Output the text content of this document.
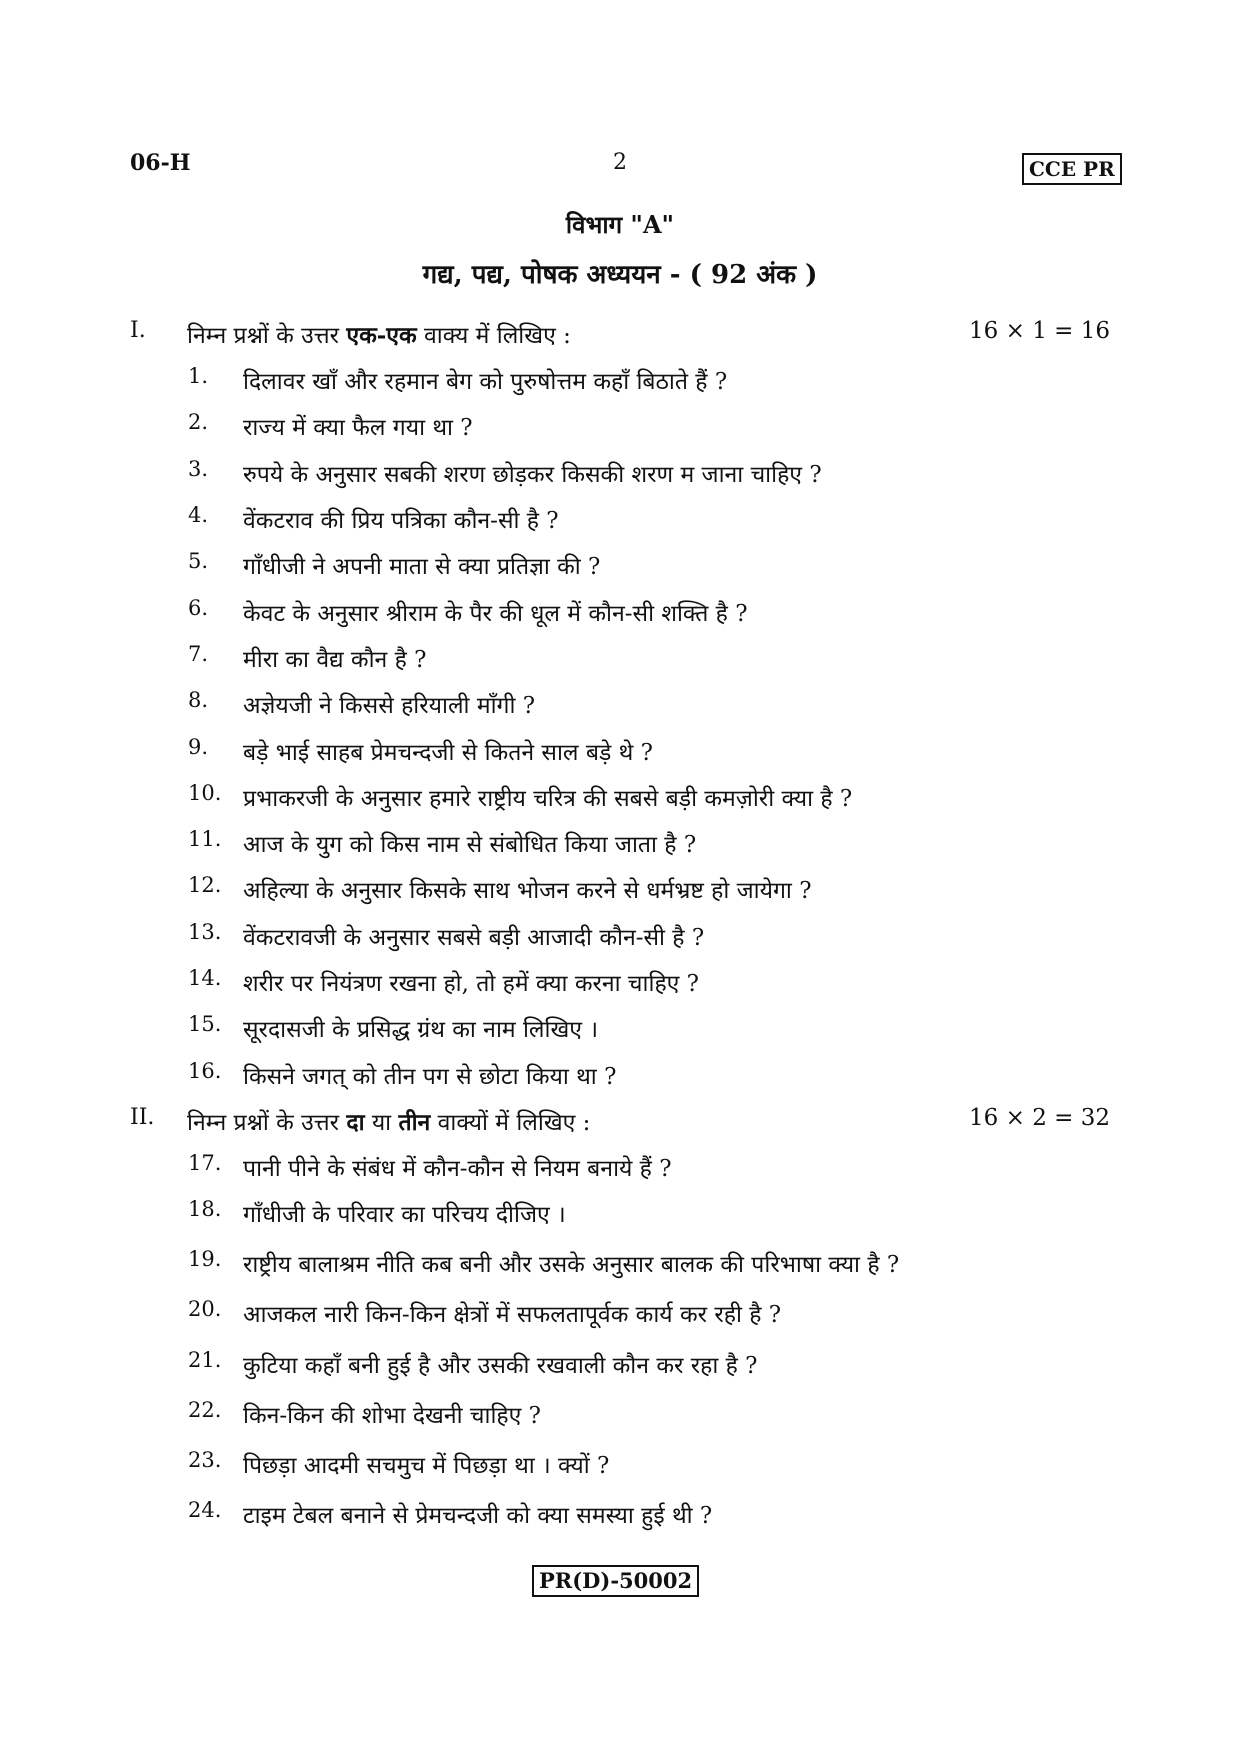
06-H	2	CCE PR
विभाग "A"
गद्य, पद्य, पोषक अध्ययन - ( 92 अंक )
I. निम्न प्रश्नों के उत्तर एक-एक वाक्य में लिखिए :	16 × 1 = 16
1.	दिलावर खाँ और रहमान बेग को पुरुषोत्तम कहाँ बिठाते हैं ?
2.	राज्य में क्या फैल गया था ?
3.	रुपये के अनुसार सबकी शरण छोड़कर किसकी शरण म जाना चाहिए ?
4.	वेंकटराव की प्रिय पत्रिका कौन-सी है ?
5.	गाँधीजी ने अपनी माता से क्या प्रतिज्ञा की ?
6.	केवट के अनुसार श्रीराम के पैर की धूल में कौन-सी शक्ति है ?
7.	मीरा का वैद्य कौन है ?
8.	अज्ञेयजी ने किससे हरियाली माँगी ?
9.	बड़े भाई साहब प्रेमचन्दजी से कितने साल बड़े थे ?
10. प्रभाकरजी के अनुसार हमारे राष्ट्रीय चरित्र की सबसे बड़ी कमज़ोरी क्या है ?
11. आज के युग को किस नाम से संबोधित किया जाता है ?
12. अहिल्या के अनुसार किसके साथ भोजन करने से धर्मभ्रष्ट हो जायेगा ?
13. वेंकटरावजी के अनुसार सबसे बड़ी आजादी कौन-सी है ?
14. शरीर पर नियंत्रण रखना हो, तो हमें क्या करना चाहिए ?
15. सूरदासजी के प्रसिद्ध ग्रंथ का नाम लिखिए ।
16. किसने जगत् को तीन पग से छोटा किया था ?
II. निम्न प्रश्नों के उत्तर दा या तीन वाक्यों में लिखिए :	16 × 2 = 32
17. पानी पीने के संबंध में कौन-कौन से नियम बनाये हैं ?
18. गाँधीजी के परिवार का परिचय दीजिए ।
19. राष्ट्रीय बालाश्रम नीति कब बनी और उसके अनुसार बालक की परिभाषा क्या है ?
20. आजकल नारी किन-किन क्षेत्रों में सफलतापूर्वक कार्य कर रही है ?
21. कुटिया कहाँ बनी हुई है और उसकी रखवाली कौन कर रहा है ?
22. किन-किन की शोभा देखनी चाहिए ?
23. पिछड़ा आदमी सचमुच में पिछड़ा था । क्यों ?
24. टाइम टेबल बनाने से प्रेमचन्दजी को क्या समस्या हुई थी ?
PR(D)-50002
